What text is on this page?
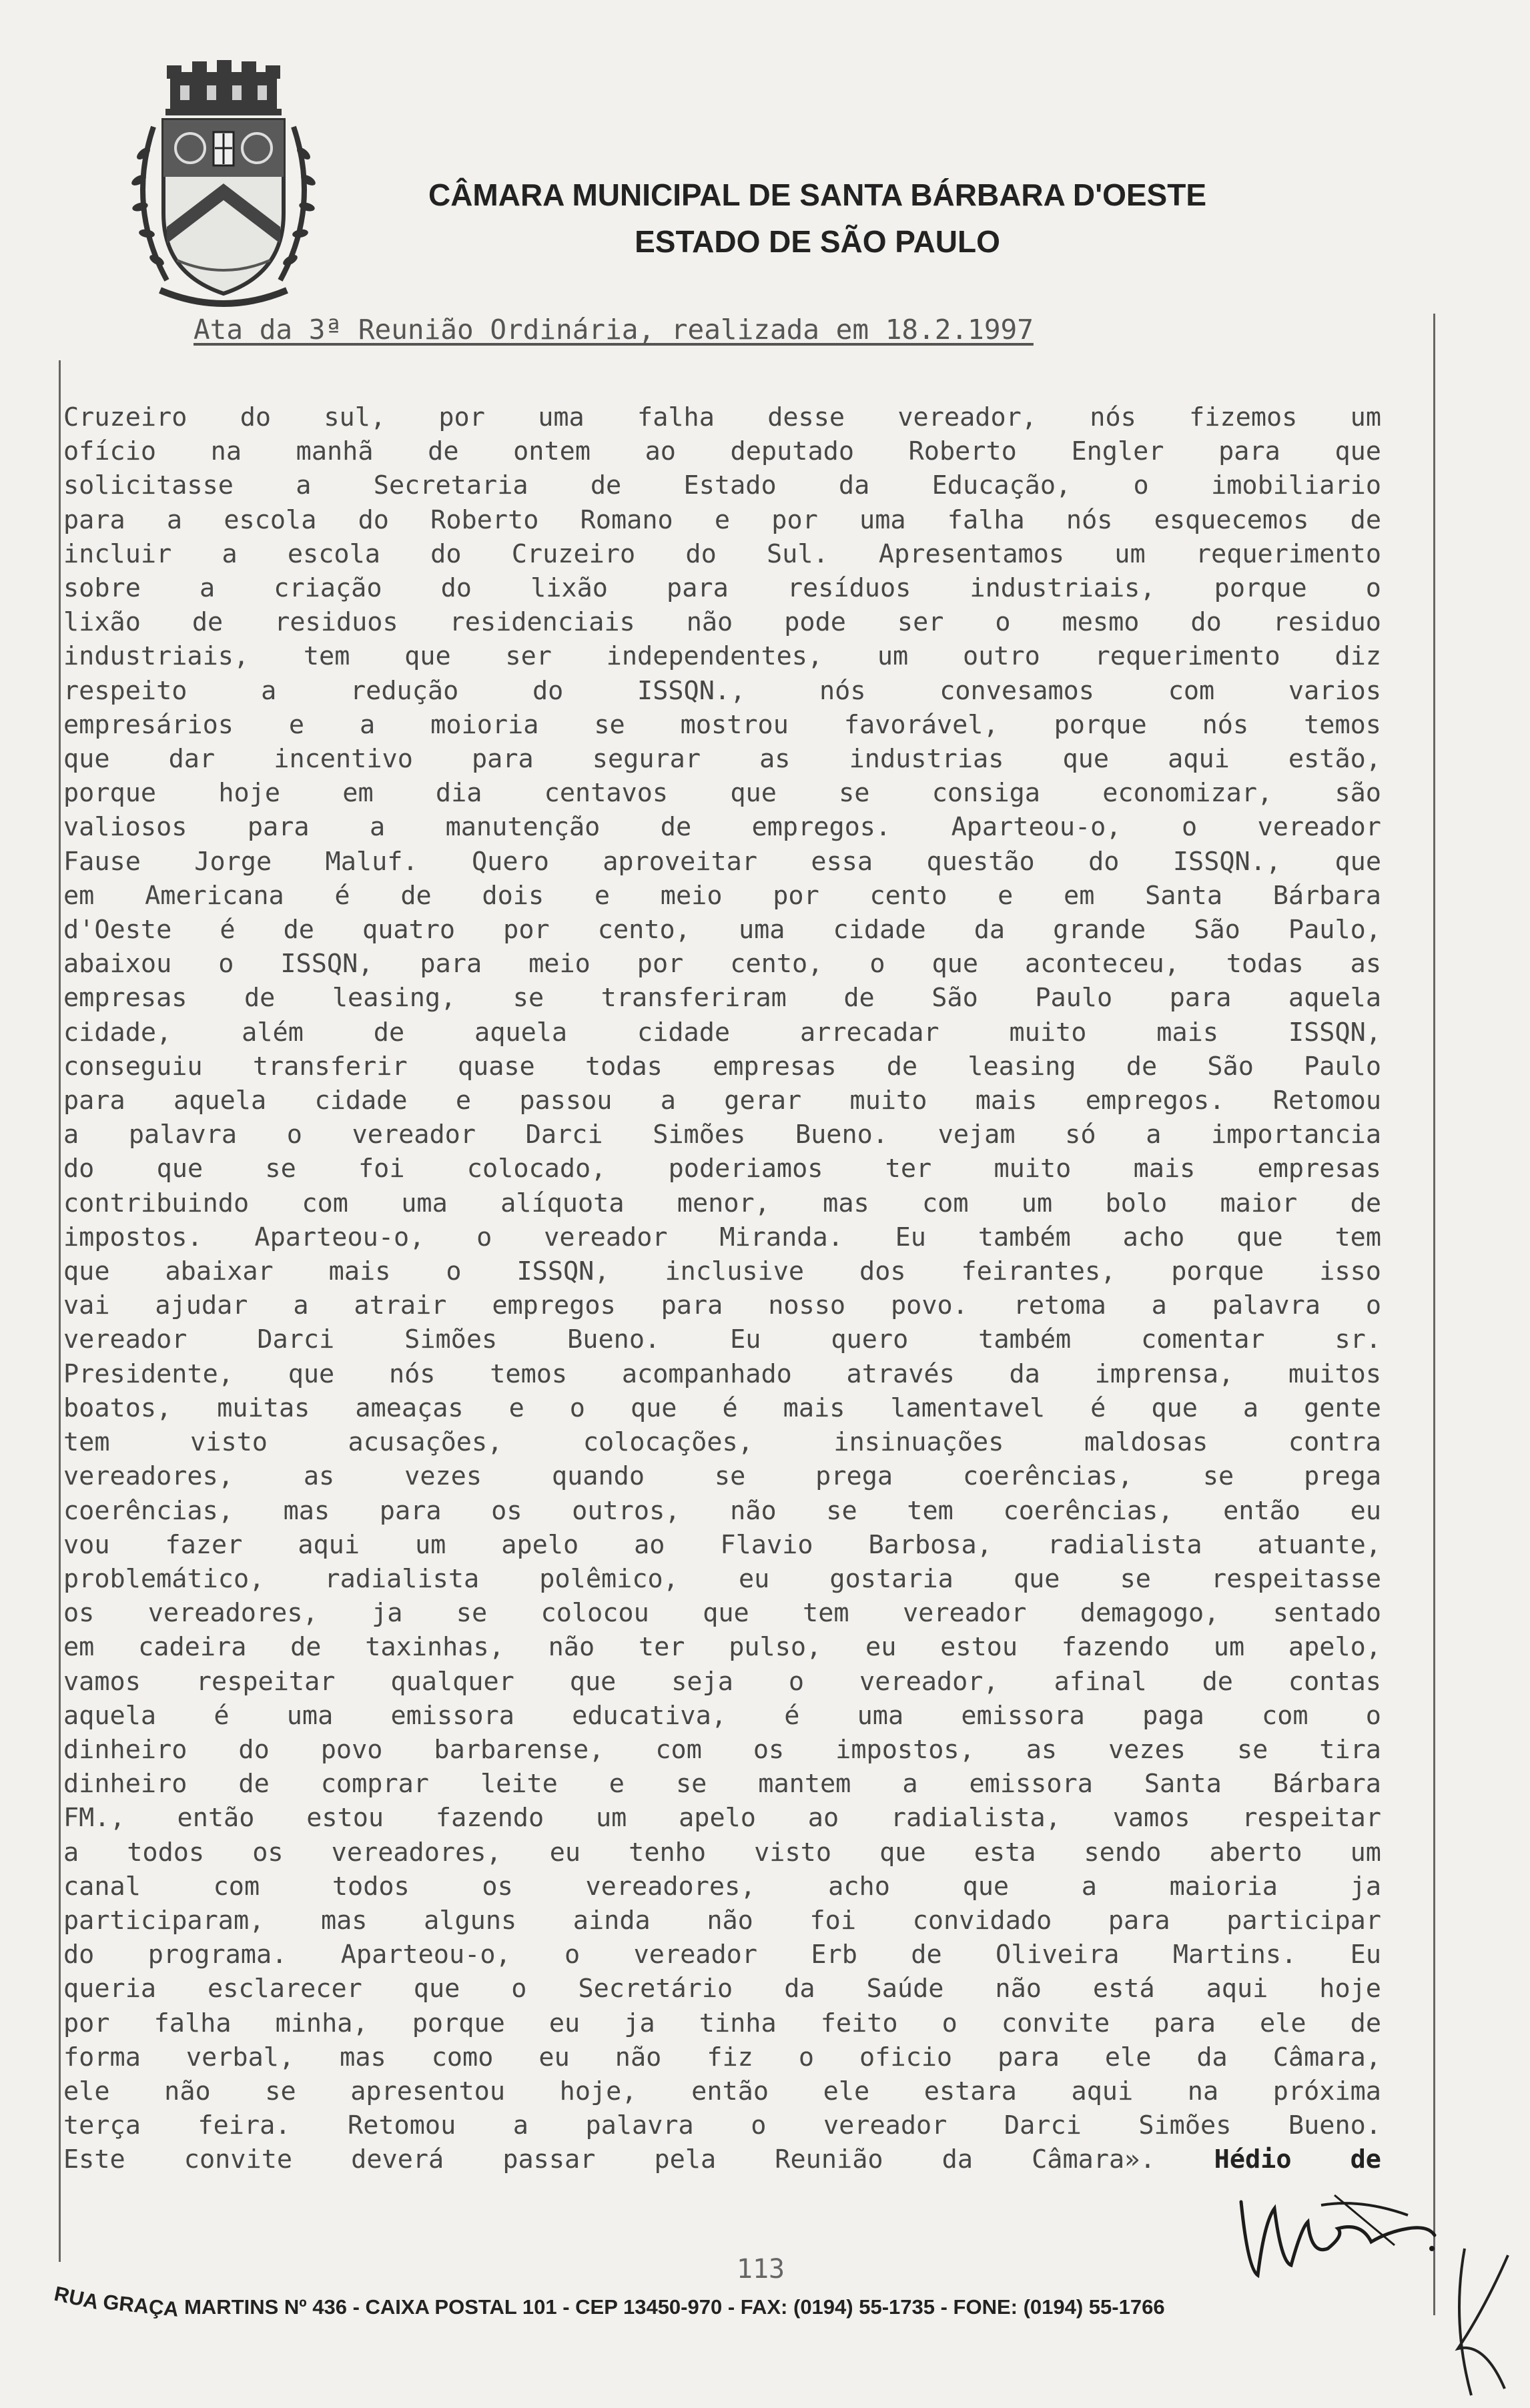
CÂMARA MUNICIPAL DE SANTA BÁRBARA D'OESTE
ESTADO DE SÃO PAULO
Ata da 3ª Reunião Ordinária, realizada em 18.2.1997
Cruzeiro do sul, por uma falha desse vereador, nós fizemos um
ofício na manhã de ontem ao deputado Roberto Engler para que
solicitasse a Secretaria de Estado da Educação, o imobiliario
para a escola do Roberto Romano e por uma falha nós esquecemos de
incluir a escola do Cruzeiro do Sul. Apresentamos um requerimento
sobre a criação do lixão para resíduos industriais, porque o
lixão de residuos residenciais não pode ser o mesmo do residuo
industriais, tem que ser independentes, um outro requerimento diz
respeito a redução do ISSQN., nós convesamos com varios
empresários e a moioria se mostrou favorável, porque nós temos
que dar incentivo para segurar as industrias que aqui estão,
porque hoje em dia centavos que se consiga economizar, são
valiosos para a manutenção de empregos. Aparteou-o, o vereador
Fause Jorge Maluf. Quero aproveitar essa questão do ISSQN., que
em Americana é de dois e meio por cento e em Santa Bárbara
d'Oeste é de quatro por cento, uma cidade da grande São Paulo,
abaixou o ISSQN, para meio por cento, o que aconteceu, todas as
empresas de leasing, se transferiram de São Paulo para aquela
cidade, além de aquela cidade arrecadar muito mais ISSQN,
conseguiu transferir quase todas empresas de leasing de São Paulo
para aquela cidade e passou a gerar muito mais empregos. Retomou
a palavra o vereador Darci Simões Bueno. vejam só a importancia
do que se foi colocado, poderiamos ter muito mais empresas
contribuindo com uma alíquota menor, mas com um bolo maior de
impostos. Aparteou-o, o vereador Miranda. Eu também acho que tem
que abaixar mais o ISSQN, inclusive dos feirantes, porque isso
vai ajudar a atrair empregos para nosso povo. retoma a palavra o
vereador Darci Simões Bueno. Eu quero também comentar sr.
Presidente, que nós temos acompanhado através da imprensa, muitos
boatos, muitas ameaças e o que é mais lamentavel é que a gente
tem visto acusações, colocações, insinuações maldosas contra
vereadores, as vezes quando se prega coerências, se prega
coerências, mas para os outros, não se tem coerências, então eu
vou fazer aqui um apelo ao Flavio Barbosa, radialista atuante,
problemático, radialista polêmico, eu gostaria que se respeitasse
os vereadores, ja se colocou que tem vereador demagogo, sentado
em cadeira de taxinhas, não ter pulso, eu estou fazendo um apelo,
vamos respeitar qualquer que seja o vereador, afinal de contas
aquela é uma emissora educativa, é uma emissora paga com o
dinheiro do povo barbarense, com os impostos, as vezes se tira
dinheiro de comprar leite e se mantem a emissora Santa Bárbara
FM., então estou fazendo um apelo ao radialista, vamos respeitar
a todos os vereadores, eu tenho visto que esta sendo aberto um
canal com todos os vereadores, acho que a maioria ja
participaram, mas alguns ainda não foi convidado para participar
do programa. Aparteou-o, o vereador Erb de Oliveira Martins. Eu
queria esclarecer que o Secretário da Saúde não está aqui hoje
por falha minha, porque eu ja tinha feito o convite para ele de
forma verbal, mas como eu não fiz o oficio para ele da Câmara,
ele não se apresentou hoje, então ele estara aqui na próxima
terça feira. Retomou a palavra o vereador Darci Simões Bueno.
Este convite deverá passar pela Reunião da Câmara». Hédio de
113
RUA GRAÇA MARTINS Nº 436 - CAIXA POSTAL 101 - CEP 13450-970 - FAX: (0194) 55-1735 - FONE: (0194) 55-1766
